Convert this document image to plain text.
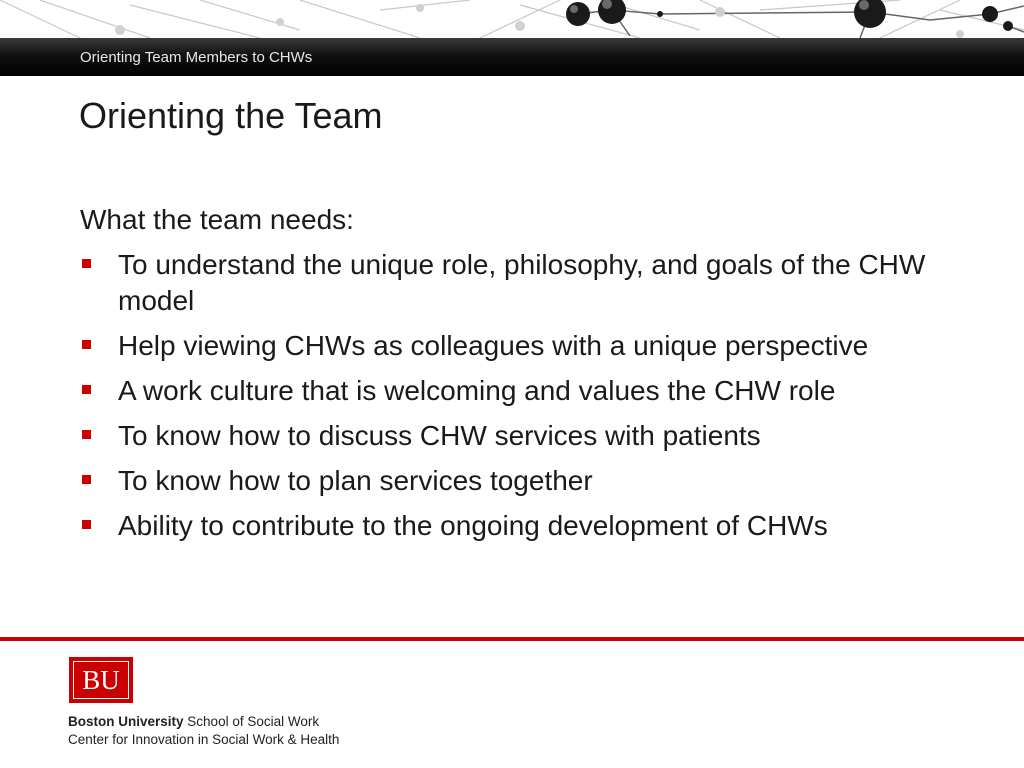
Orienting Team Members to CHWs
Orienting the Team

What the team needs:

To understand the unique role, philosophy, and goals of the CHW model
Help viewing CHWs as colleagues with a unique perspective
A work culture that is welcoming and values the CHW role
To know how to discuss CHW services with patients
To know how to plan services together
Ability to contribute to the ongoing development of CHWs
BU
Boston University School of Social Work
Center for Innovation in Social Work & Health
